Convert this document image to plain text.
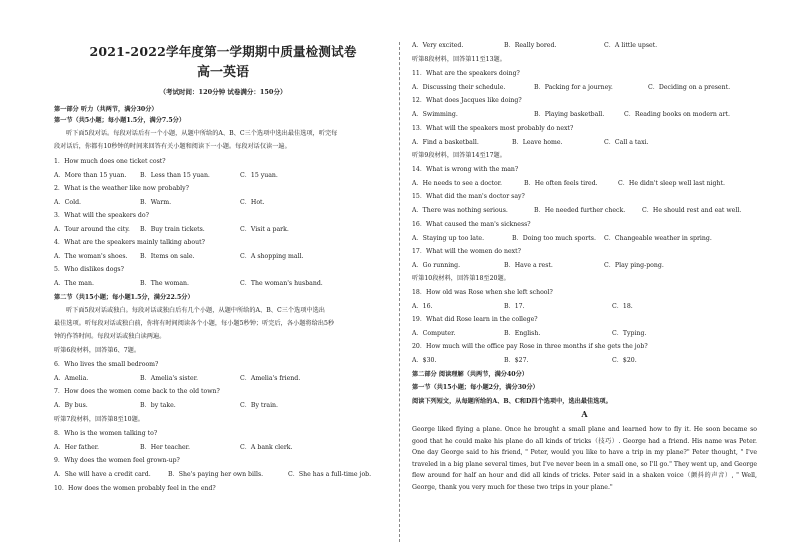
2021-2022学年度第一学期期中质量检测试卷
高一英语
（考试时间：120分钟 试卷满分：150分）
第一部分 听力（共两节，满分30分）
第一节（共5小题；每小题1.5分，满分7.5分）
听下面5段对话。每段对话后有一个小题，从题中所给的A、B、C三个选项中选出最佳选项，听完每
段对话后，你都有10秒钟的时间来回答有关小题和阅读下一小题。每段对话仅读一遍。
1．How much does one ticket cost?
A．More than 15 yuan. B．Less than 15 yuan.	C．15 yuan.
2．What is the weather like now probably?
A．Cold.	B．Warm.	C．Hot.
3．What will the speakers do?
A．Tour around the city. B．Buy train tickets.	C．Visit a park.
4．What are the speakers mainly talking about?
A．The woman's shoes. B．Items on sale.	C．A shopping mall.
5．Who dislikes dogs?
A．The man.	B．The woman.	C．The woman's husband.
第二节（共15小题；每小题1.5分，满分22.5分）
听下面5段对话或独白。每段对话或独白后有几个小题，从题中所给的A、B、C三个选项中选出
最佳选项。听每段对话或独白前，你将有时间阅读各个小题，每小题5秒钟；听完后，各小题将给出5秒
钟的作答时间。每段对话或独白读两遍。
听第6段材料，回答第6、7题。
6．Who lives the small bedroom?
A．Amelia.	B．Amelia's sister.	C．Amelia's friend.
7．How does the women come back to the old town?
A．By bus.	B．by take.	C．By train.
听第7段材料，回答第8至10题。
8．Who is the women talking to?
A．Her father.	B．Her teacher.	C．A bank clerk.
9．Why does the women feel grown-up?
A．She will have a credit card.	B．She's paying her own bills.	C．She has a full-time job.
10．How does the women probably feel in the end?
A．Very excited.	B．Really bored.	C．A little upset.
听第8段材料，回答第11至13题。
11．What are the speakers doing?
A．Discussing their schedule.	B．Packing for a journey.	C．Deciding on a present.
12．What does Jacques like doing?
A．Swimming.	B．Playing basketball.	C．Reading books on modern art.
13．What will the speakers most probably do next?
A．Find a basketball.	B．Leave home.	C．Call a taxi.
听第9段材料，回答第14至17题。
14．What is wrong with the man?
A．He needs to see a doctor.	B．He often feels tired.	C．He didn't sleep well last night.
15．What did the man's doctor say?
A．There was nothing serious.	B．He needed further check.	C．He should rest and eat well.
16．What caused the man's sickness?
A．Staying up too late.	B．Doing too much sports. C．Changeable weather in spring.
17．What will the women do next?
A．Go running.	B．Have a rest.	C．Play ping-pong.
听第10段材料，回答第18至20题。
18．How old was Rose when she left school?
A．16.	B．17.	C．18.
19．What did Rose learn in the college?
A．Computer.	B．English.	C．Typing.
20．How much will the office pay Rose in three months if she gets the job?
A．$30.	B．$27.	C．$20.
第二部分 阅读理解（共两节，满分40分）
第一节（共15小题；每小题2分，满分30分）
阅读下列短文，从每题所给的A、B、C和D四个选项中，选出最佳选项。
A
George liked flying a plane. Once he brought a small plane and learned how to fly it. He soon became so good that he could make his plane do all kinds of tricks（技巧）. George had a friend. His name was Peter. One day George said to his friend, " Peter, would you like to have a trip in my plane?" Peter thought, " I've traveled in a big plane several times, but I've never been in a small one, so I'll go." They went up, and George flew around for half an hour and did all kinds of tricks. Peter said in a shaken voice（颤抖的声音）, " Well, George, thank you very much for these two trips in your plane."
